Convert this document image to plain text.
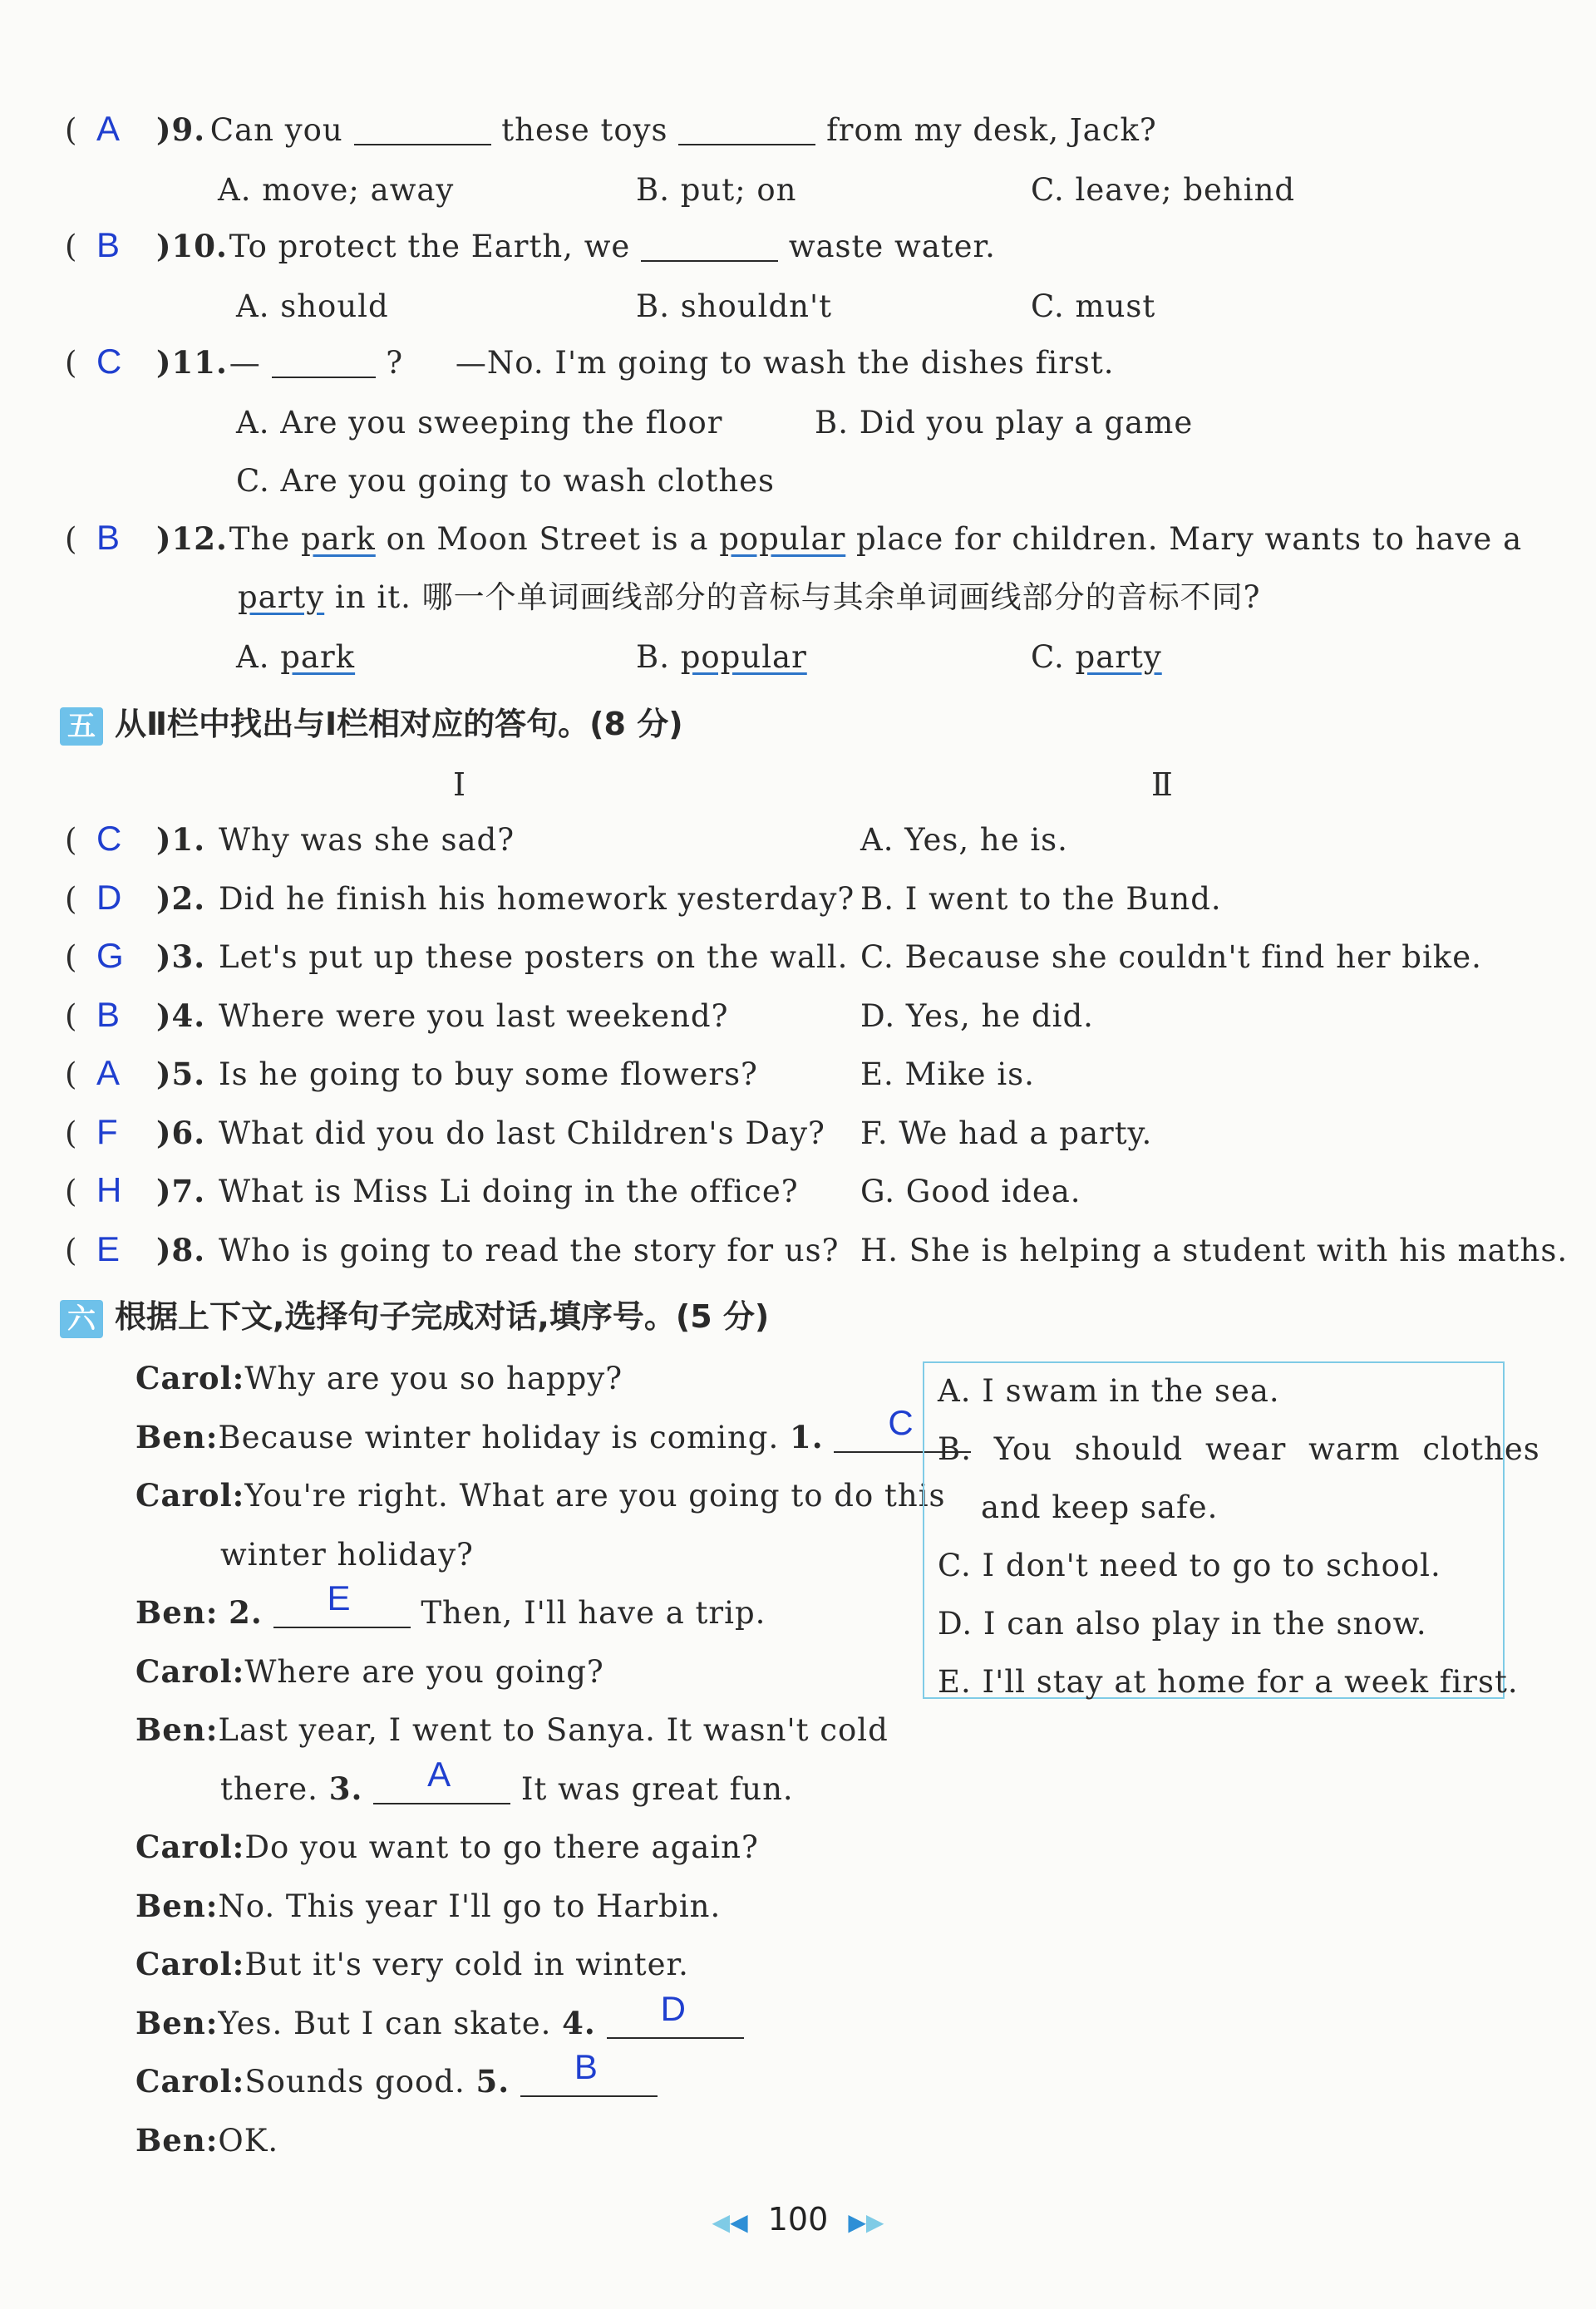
( A )9. Can you	these toys	from my desk, Jack?
A. move; away	B. put; on	C. leave; behind
( B )10. To protect the Earth, we	waste water.
A. should	B. shouldn't	C. must
( C )11. —	? —No. I'm going to wash the dishes first.
A. Are you sweeping the floor	B. Did you play a game
C. Are you going to wash clothes
( B )12. The park on Moon Street is a popular place for children. Mary wants to have a
party in it. 哪一个单词画线部分的音标与其余单词画线部分的音标不同?
A. park	B. popular	C. party
五 从Ⅱ栏中找出与Ⅰ栏相对应的答句。(8 分)
Ⅰ	Ⅱ
( C )1. Why was she sad?	A. Yes, he is.
( D )2. Did he finish his homework yesterday? B. I went to the Bund.
( G )3. Let's put up these posters on the wall. C. Because she couldn't find her bike.
( B )4. Where were you last weekend?	D. Yes, he did.
( A )5. Is he going to buy some flowers?	E. Mike is.
( F )6. What did you do last Children's Day? F. We had a party.
( H )7. What is Miss Li doing in the office? G. Good idea.
( E )8. Who is going to read the story for us? H. She is helping a student with his maths.
六 根据上下文,选择句子完成对话,填序号。(5 分)
Carol:Why are you so happy?
Ben:Because winter holiday is coming. 1. C
Carol:You're right. What are you going to do this
winter holiday?
Ben: 2. E Then, I'll have a trip.
Carol:Where are you going?
Ben:Last year, I went to Sanya. It wasn't cold
there. 3. A It was great fun.
Carol:Do you want to go there again?
Ben:No. This year I'll go to Harbin.
Carol:But it's very cold in winter.
Ben:Yes. But I can skate. 4. D
Carol:Sounds good. 5. B
Ben:OK.
A. I swam in the sea.
B. You should wear warm clothes
and keep safe.
C. I don't need to go to school.
D. I can also play in the snow.
E. I'll stay at home for a week first.
◀◀ 100 ▶▶
